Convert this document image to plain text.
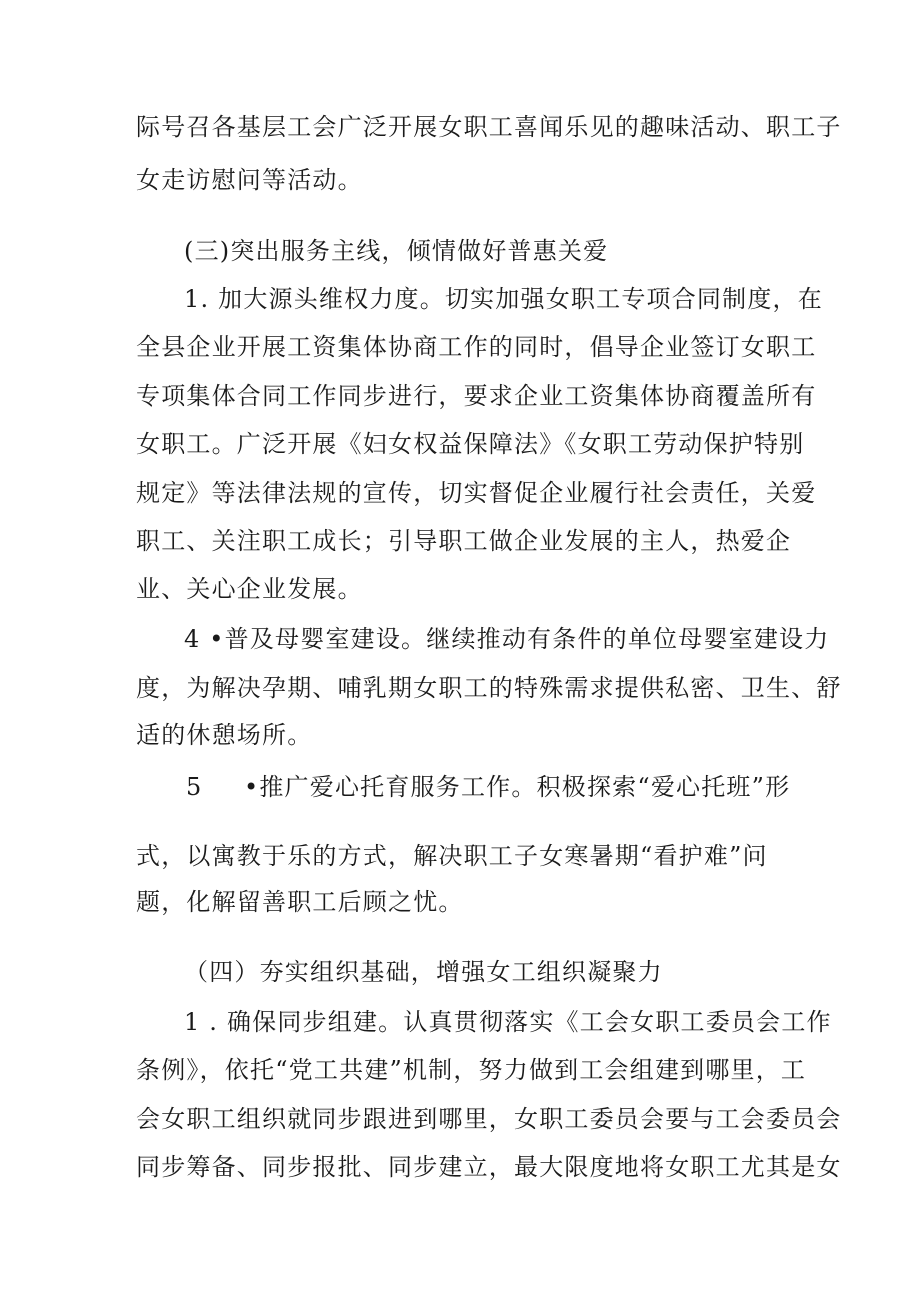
际号召各基层工会广泛开展女职工喜闻乐见的趣味活动、职工子
女走访慰问等活动。
(三)突出服务主线，倾情做好普惠关爱
1. 加大源头维权力度。切实加强女职工专项合同制度，在
全县企业开展工资集体协商工作的同时，倡导企业签订女职工
专项集体合同工作同步进行，要求企业工资集体协商覆盖所有
女职工。广泛开展《妇女权益保障法》《女职工劳动保护特别
规定》等法律法规的宣传，切实督促企业履行社会责任，关爱
职工、关注职工成长；引导职工做企业发展的主人，热爱企
业、关心企业发展。
4 •普及母婴室建设。继续推动有条件的单位母婴室建设力
度，为解决孕期、哺乳期女职工的特殊需求提供私密、卫生、舒
适的休憩场所。
5 •推广爱心托育服务工作。积极探索“爱心托班”形
式，以寓教于乐的方式，解决职工子女寒暑期“看护难”问
题，化解留善职工后顾之忧。
（四）夯实组织基础，增强女工组织凝聚力
1 . 确保同步组建。认真贯彻落实《工会女职工委员会工作
条例》，依托“党工共建”机制，努力做到工会组建到哪里，工
会女职工组织就同步跟进到哪里，女职工委员会要与工会委员会
同步筹备、同步报批、同步建立，最大限度地将女职工尤其是女
